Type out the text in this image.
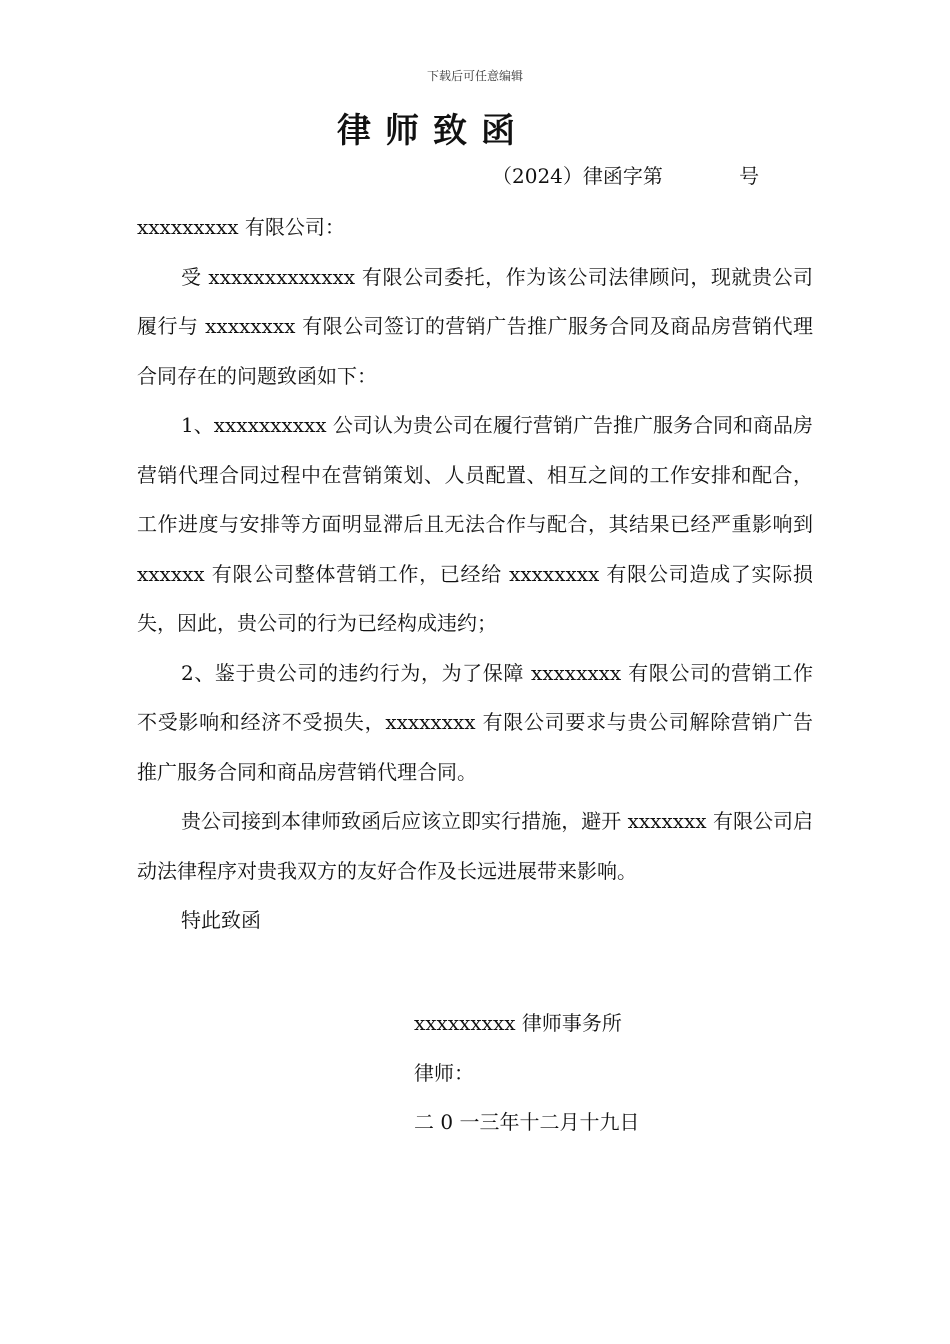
下载后可任意编辑
律师致函
（2024）律函字第            号

xxxxxxxxx 有限公司：

受 xxxxxxxxxxxxx 有限公司委托，作为该公司法律顾问，现就贵公司履行与 xxxxxxxx 有限公司签订的营销广告推广服务合同及商品房营销代理合同存在的问题致函如下：

1、xxxxxxxxxx 公司认为贵公司在履行营销广告推广服务合同和商品房营销代理合同过程中在营销策划、人员配置、相互之间的工作安排和配合，工作进度与安排等方面明显滞后且无法合作与配合，其结果已经严重影响到 xxxxxx 有限公司整体营销工作，已经给 xxxxxxxx 有限公司造成了实际损失，因此，贵公司的行为已经构成违约；

2、鉴于贵公司的违约行为，为了保障 xxxxxxxx 有限公司的营销工作不受影响和经济不受损失，xxxxxxxx 有限公司要求与贵公司解除营销广告推广服务合同和商品房营销代理合同。

贵公司接到本律师致函后应该立即实行措施，避开 xxxxxxx 有限公司启动法律程序对贵我双方的友好合作及长远进展带来影响。

特此致函

xxxxxxxxx 律师事务所
律师：
二 0 一三年十二月十九日
